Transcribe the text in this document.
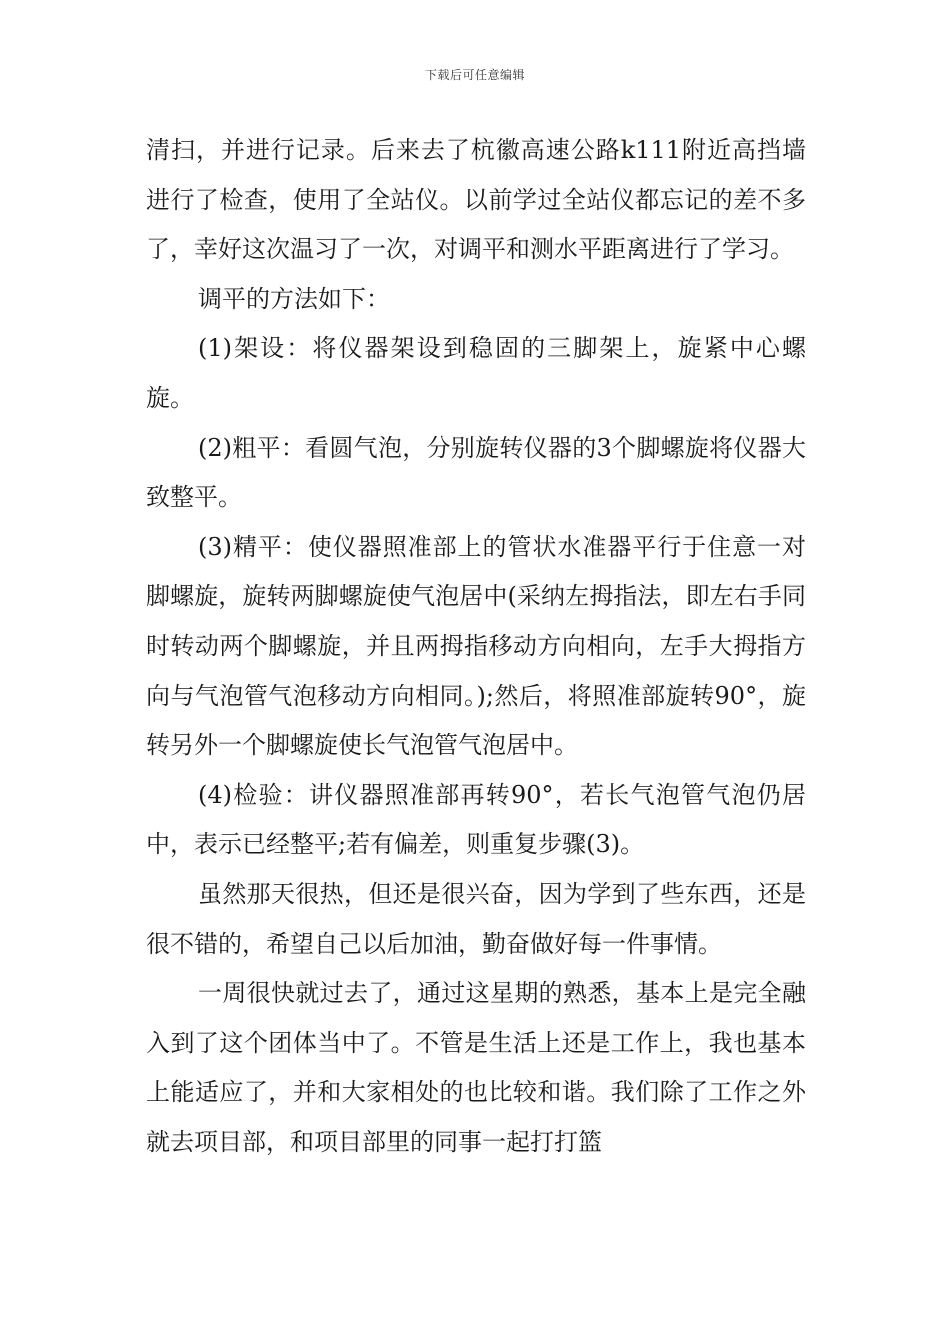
下载后可任意编辑

清扫，并进行记录。后来去了杭徽高速公路k111附近高挡墙进行了检查，使用了全站仪。以前学过全站仪都忘记的差不多了，幸好这次温习了一次，对调平和测水平距离进行了学习。

调平的方法如下：

(1)架设：将仪器架设到稳固的三脚架上，旋紧中心螺旋。

(2)粗平：看圆气泡，分别旋转仪器的3个脚螺旋将仪器大致整平。

(3)精平：使仪器照准部上的管状水准器平行于住意一对脚螺旋，旋转两脚螺旋使气泡居中(采纳左拇指法，即左右手同时转动两个脚螺旋，并且两拇指移动方向相向，左手大拇指方向与气泡管气泡移动方向相同。);然后，将照准部旋转90°，旋转另外一个脚螺旋使长气泡管气泡居中。

(4)检验：讲仪器照准部再转90°，若长气泡管气泡仍居中，表示已经整平;若有偏差，则重复步骤(3)。

虽然那天很热，但还是很兴奋，因为学到了些东西，还是很不错的，希望自己以后加油，勤奋做好每一件事情。

一周很快就过去了，通过这星期的熟悉，基本上是完全融入到了这个团体当中了。不管是生活上还是工作上，我也基本上能适应了，并和大家相处的也比较和谐。我们除了工作之外就去项目部，和项目部里的同事一起打打篮
